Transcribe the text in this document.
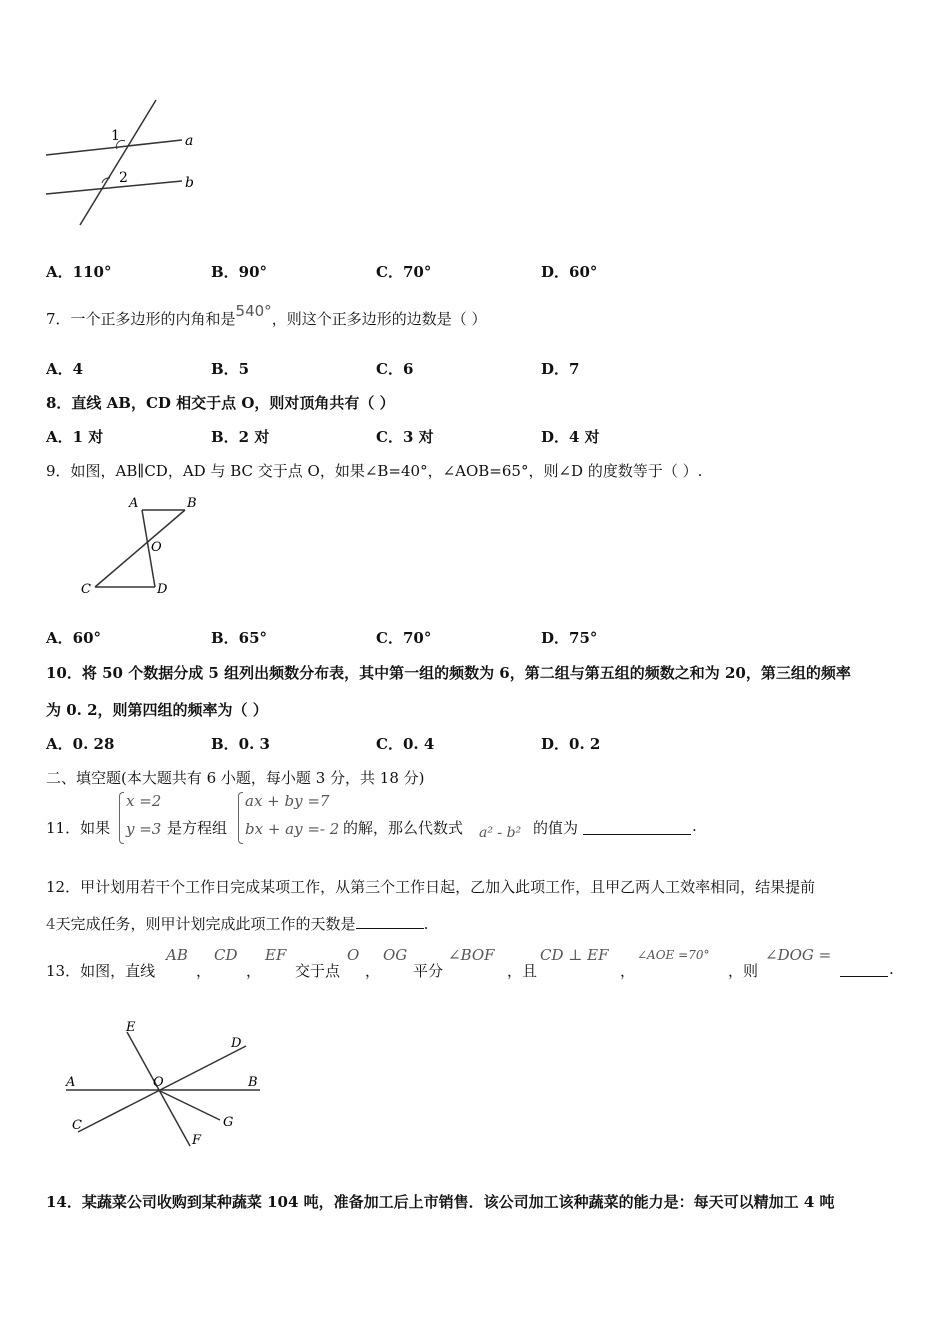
1
2
a
b
A．110°	B．90°	C．70°	D．60°
7．一个正多边形的内角和是540°，则这个正多边形的边数是（ ）
A．4	B．5	C．6	D．7
8．直线 AB，CD 相交于点 O，则对顶角共有（ ）
A．1 对	B．2 对	C．3 对	D．4 对
9．如图，AB∥CD，AD 与 BC 交于点 O，如果∠B=40°，∠AOB=65°，则∠D 的度数等于（ ）.
A	B
O
C	D
A．60°	B．65°	C．70°	D．75°
10．将 50 个数据分成 5 组列出频数分布表，其中第一组的频数为 6，第二组与第五组的频数之和为 20，第三组的频率
为 0. 2，则第四组的频率为（ ）
A．0. 28	B．0. 3	C．0. 4	D．0. 2
二、填空题(本大题共有 6 小题，每小题 3 分，共 18 分)
11．如果
x =2
y =3 是方程组
ax + by =7
bx + ay =- 2 的解，那么代数式 a² - b² 的值为	.
12．甲计划用若干个工作日完成某项工作，从第三个工作日起，乙加入此项工作，且甲乙两人工效率相同，结果提前
4天完成任务，则甲计划完成此项工作的天数是	.
13．如图，直线
AB
，
CD
，
EF
交于点
O
，
OG
平分
∠BOF
，且
CD ⊥ EF
，
∠AOE =70°
，则
∠DOG =
.
E
D
A	O	B
C	G
F
14．某蔬菜公司收购到某种蔬菜 104 吨，准备加工后上市销售．该公司加工该种蔬菜的能力是：每天可以精加工 4 吨
